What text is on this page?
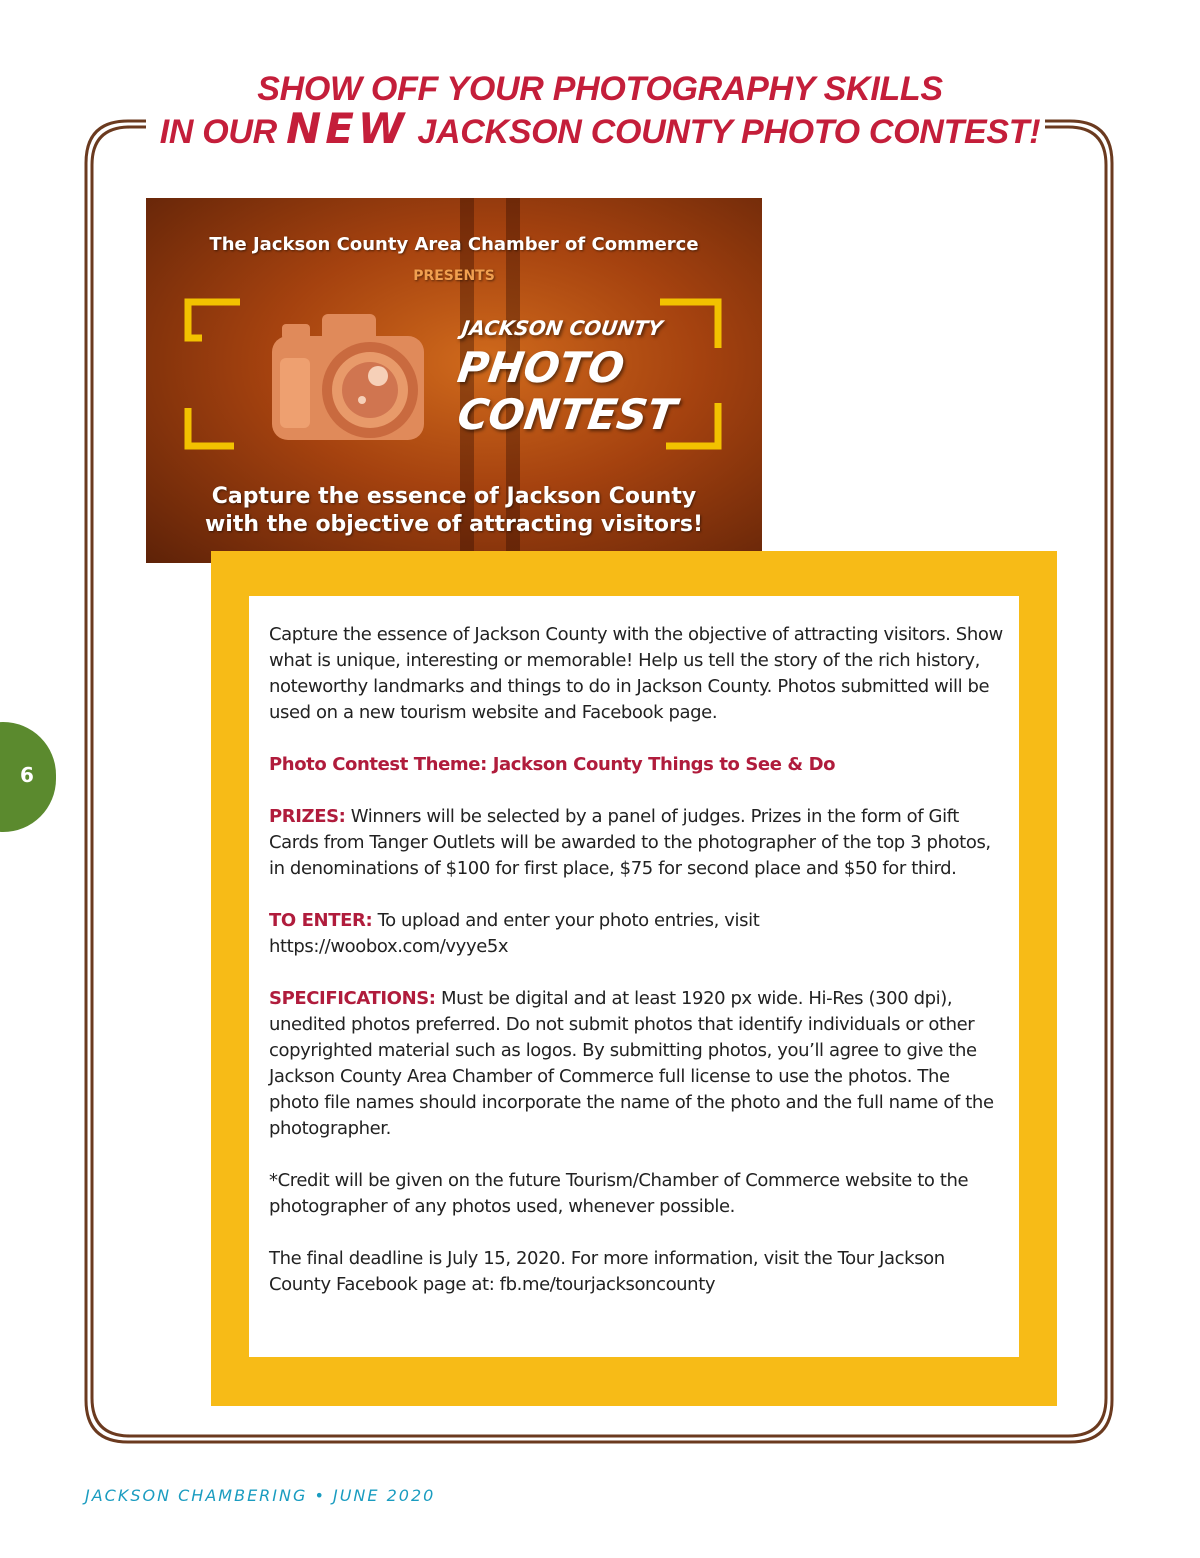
SHOW OFF YOUR PHOTOGRAPHY SKILLS
IN OUR NEW JACKSON COUNTY PHOTO CONTEST!
The Jackson County Area Chamber of Commerce
PRESENTS
JACKSON COUNTY
PHOTO
CONTEST
Capture the essence of Jackson County
with the objective of attracting visitors!

Capture the essence of Jackson County with the objective of attracting visitors. Show what is unique, interesting or memorable! Help us tell the story of the rich history, noteworthy landmarks and things to do in Jackson County. Photos submitted will be used on a new tourism website and Facebook page.

Photo Contest Theme: Jackson County Things to See & Do

PRIZES: Winners will be selected by a panel of judges. Prizes in the form of Gift Cards from Tanger Outlets will be awarded to the photographer of the top 3 photos, in denominations of $100 for first place, $75 for second place and $50 for third.

TO ENTER: To upload and enter your photo entries, visit
https://woobox.com/vyye5x

SPECIFICATIONS: Must be digital and at least 1920 px wide. Hi-Res (300 dpi), unedited photos preferred. Do not submit photos that identify individuals or other copyrighted material such as logos. By submitting photos, you’ll agree to give the Jackson County Area Chamber of Commerce full license to use the photos. The photo file names should incorporate the name of the photo and the full name of the photographer.

*Credit will be given on the future Tourism/Chamber of Commerce website to the photographer of any photos used, whenever possible.

The final deadline is July 15, 2020. For more information, visit the Tour Jackson County Facebook page at: fb.me/tourjacksoncounty

6
JACKSON CHAMBERING • JUNE 2020
